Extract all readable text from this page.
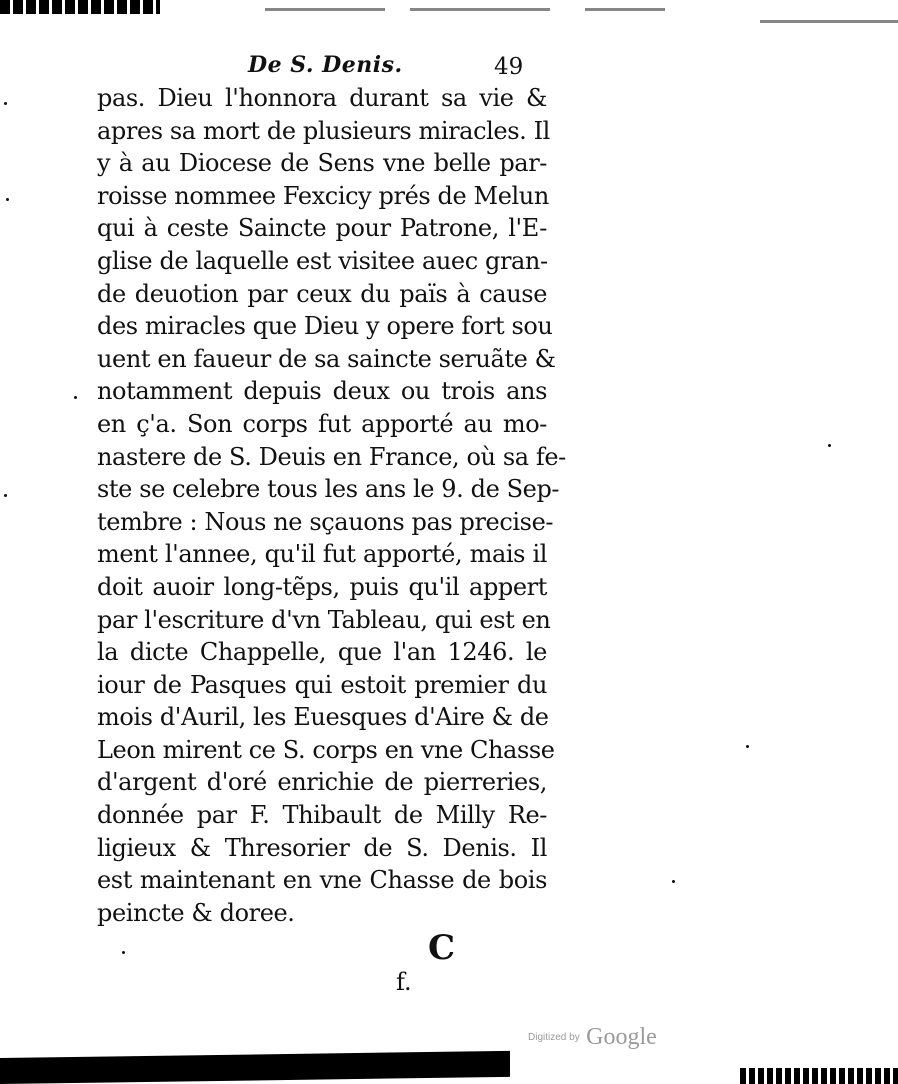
De S. Denis.	49
pas. Dieu l'honnora durant sa vie &
apres sa mort de plusieurs miracles. Il
y à au Diocese de Sens vne belle par-
roisse nommee Fexcicy prés de Melun
qui à ceste Saincte pour Patrone, l'E-
glise de laquelle est visitee auec gran-
de deuotion par ceux du païs à cause
des miracles que Dieu y opere fort sou
uent en faueur de sa saincte seruãte &
notamment depuis deux ou trois ans
en ç'a. Son corps fut apporté au mo-
nastere de S. Deuis en France, où sa fe-
ste se celebre tous les ans le 9. de Sep-
tembre : Nous ne sçauons pas precise-
ment l'annee, qu'il fut apporté, mais il
doit auoir long-tẽps, puis qu'il appert
par l'escriture d'vn Tableau, qui est en
la dicte Chappelle, que l'an 1246. le
iour de Pasques qui estoit premier du
mois d'Auril, les Euesques d'Aire & de
Leon mirent ce S. corps en vne Chasse
d'argent d'oré enrichie de pierreries,
donnée par F. Thibault de Milly Re-
ligieux & Thresorier de S. Denis. Il
est maintenant en vne Chasse de bois
peincte & doree.
C
f.
Digitized by Google
